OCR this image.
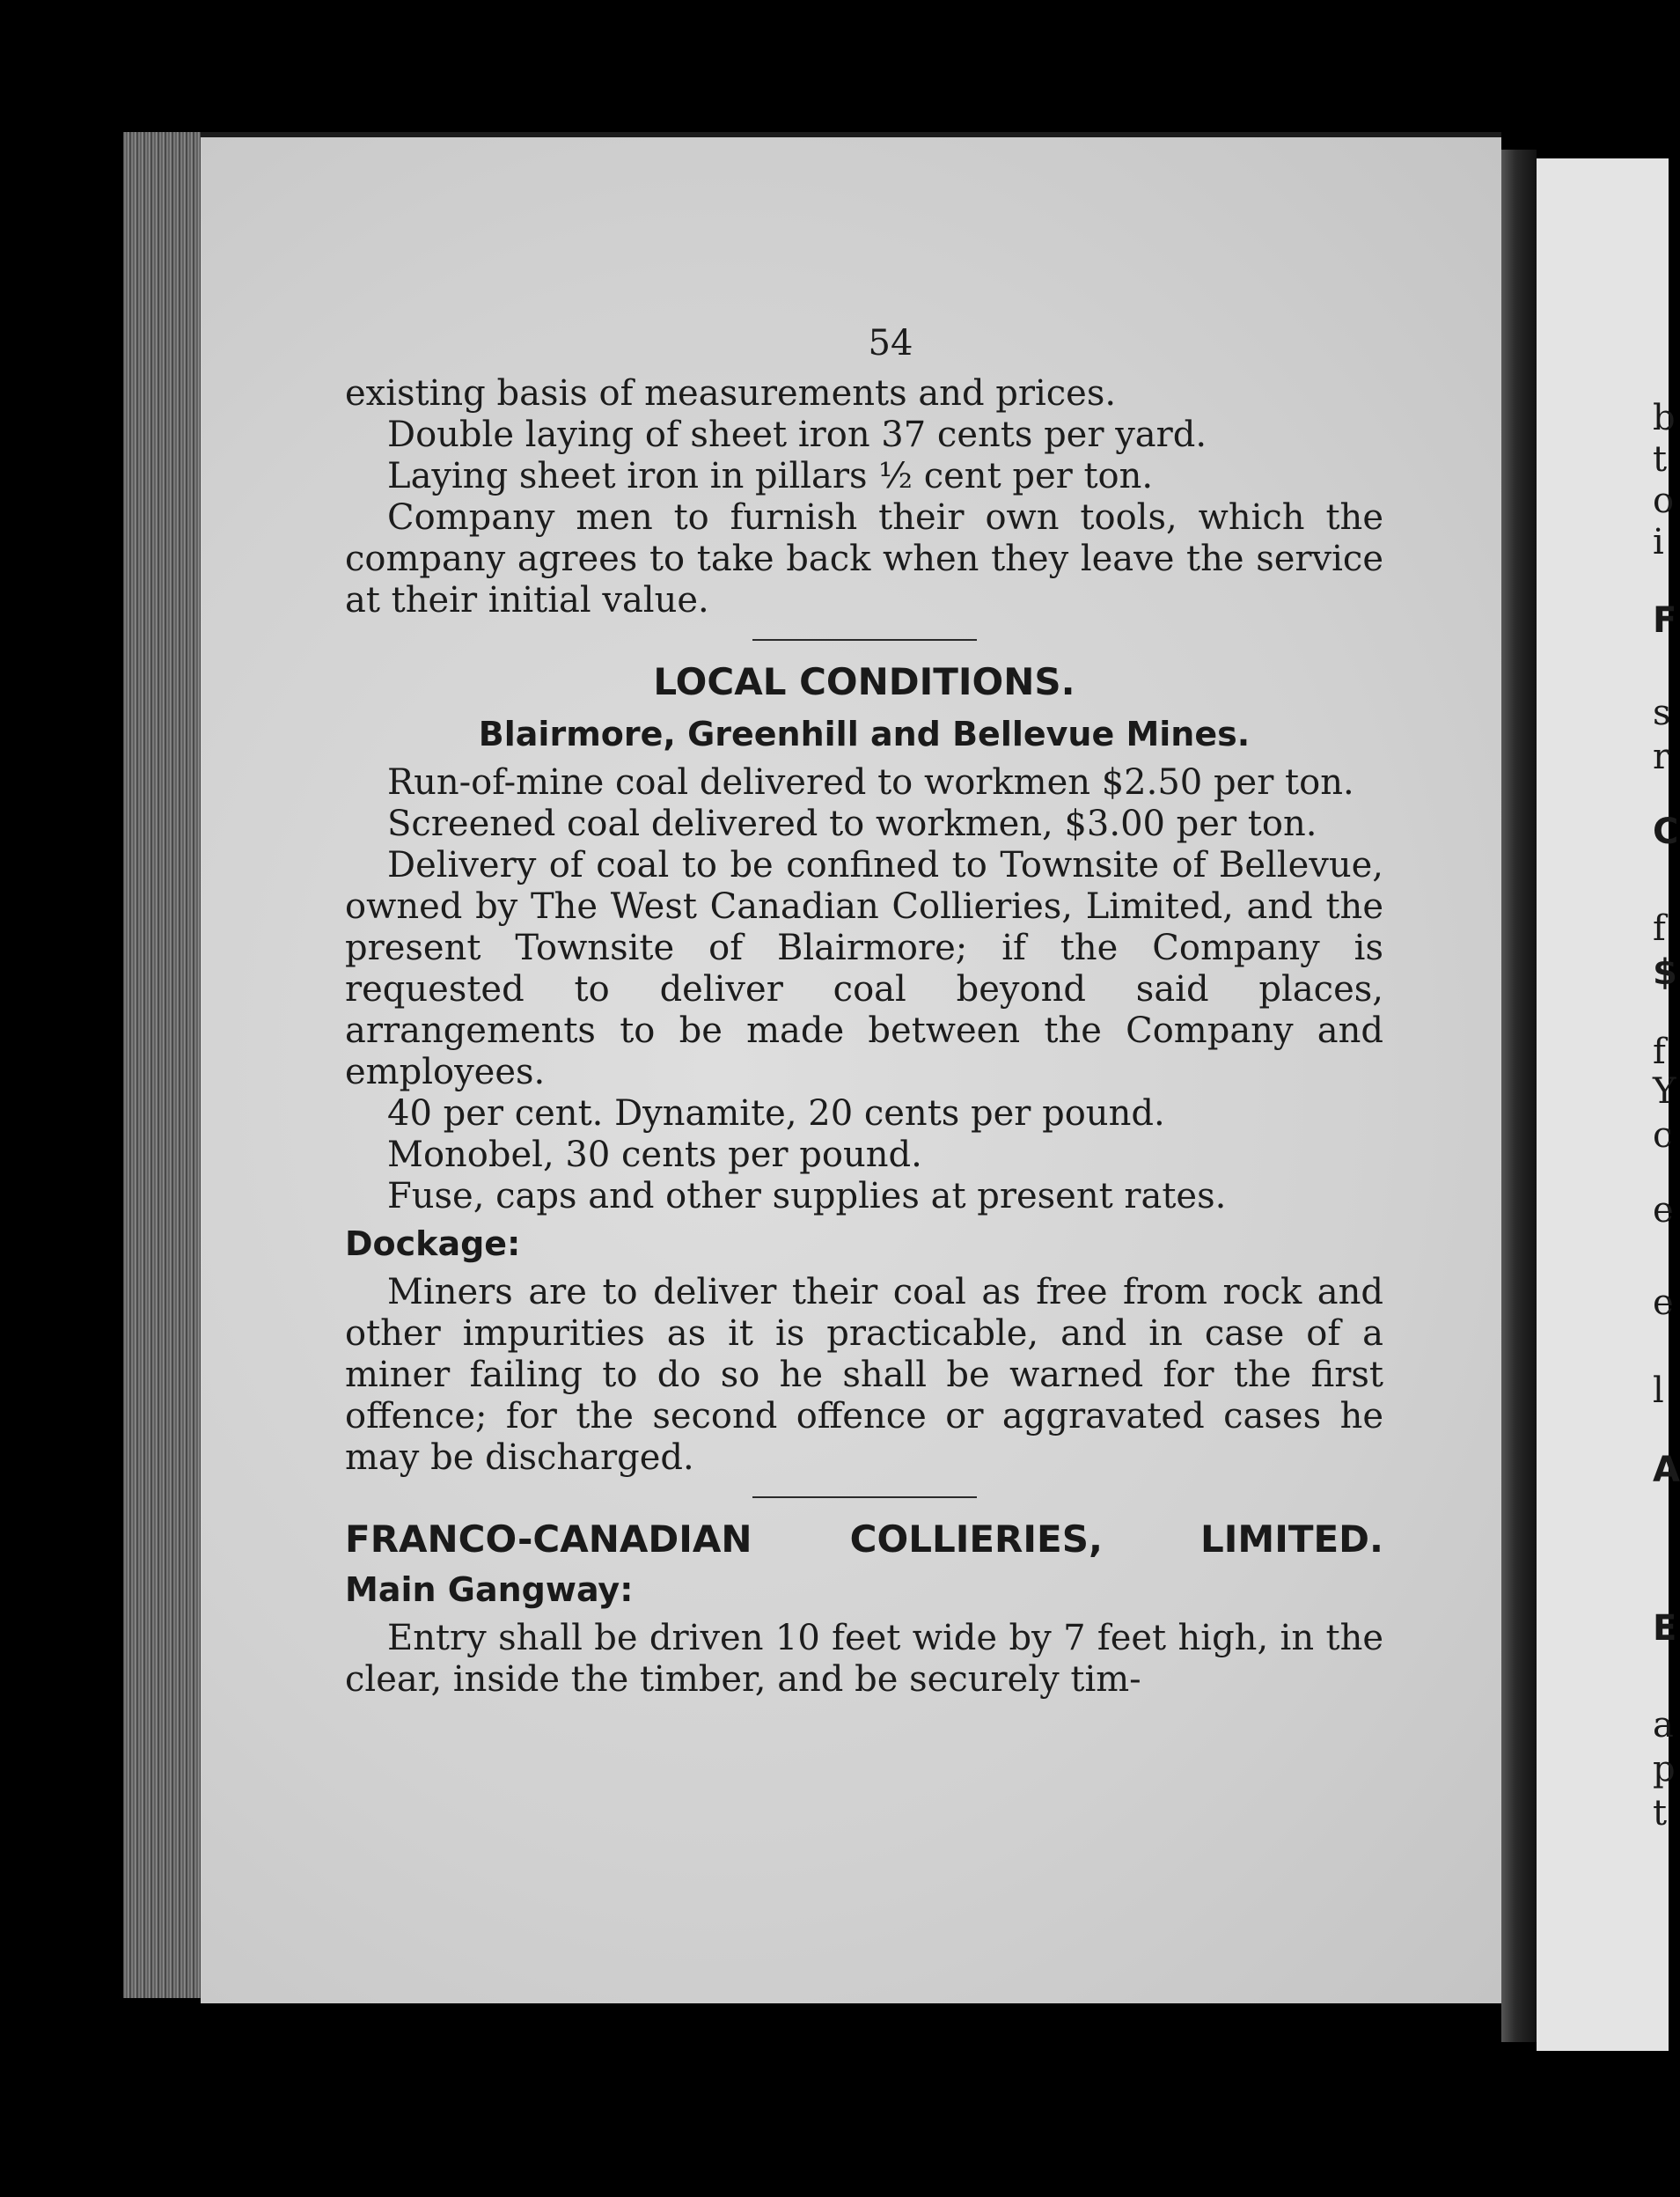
b
t
o
i
F
s
r
C
f
$
f
Y
c
e
e
l
A
E
a
p
t
54

existing basis of measurements and prices.

Double laying of sheet iron 37 cents per yard.

Laying sheet iron in pillars ½ cent per ton.

Company men to furnish their own tools, which the company agrees to take back when they leave the service at their initial value.

LOCAL CONDITIONS.
Blairmore, Greenhill and Bellevue Mines.

Run-of-mine coal delivered to workmen $2.50 per ton.

Screened coal delivered to workmen, $3.00 per ton.

Delivery of coal to be confined to Townsite of Bellevue, owned by The West Canadian Collieries, Limited, and the present Townsite of Blairmore; if the Company is requested to deliver coal beyond said places, arrangements to be made between the Company and employees.

40 per cent. Dynamite, 20 cents per pound.

Monobel, 30 cents per pound.

Fuse, caps and other supplies at present rates.

Dockage:

Miners are to deliver their coal as free from rock and other impurities as it is practicable, and in case of a miner failing to do so he shall be warned for the first offence; for the second offence or aggravated cases he may be discharged.

FRANCO-CANADIAN COLLIERIES, LIMITED.
Main Gangway:

Entry shall be driven 10 feet wide by 7 feet high, in the clear, inside the timber, and be securely tim-
